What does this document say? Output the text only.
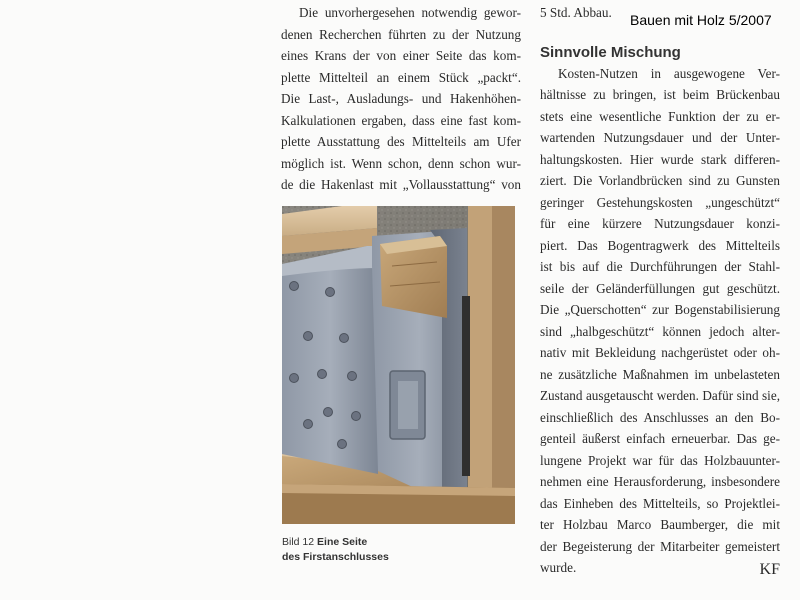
Bauen mit Holz 5/2007

Die unvorhergesehen notwendig gewor-
denen Recherchen führten zu der Nutzung
eines Krans der von einer Seite das kom-
plette Mittelteil an einem Stück „packt“.
Die Last-, Ausladungs- und Hakenhöhen-
Kalkulationen ergaben, dass eine fast kom-
plette Ausstattung des Mittelteils am Ufer
möglich ist. Wenn schon, denn schon wur-
de die Hakenlast mit „Vollausstattung“ von

Bild 12 Eine Seite
des Firstanschlusses
5 Std. Abbau.
Sinnvolle Mischung
Kosten-Nutzen in ausgewogene Ver-
hältnisse zu bringen, ist beim Brückenbau
stets eine wesentliche Funktion der zu er-
wartenden Nutzungsdauer und der Unter-
haltungskosten. Hier wurde stark differen-
ziert. Die Vorlandbrücken sind zu Gunsten
geringer Gestehungskosten „ungeschützt“
für eine kürzere Nutzungsdauer konzi-
piert. Das Bogentragwerk des Mittelteils
ist bis auf die Durchführungen der Stahl-
seile der Geländerfüllungen gut geschützt.
Die „Querschotten“ zur Bogenstabilisierung
sind „halbgeschützt“ können jedoch alter-
nativ mit Bekleidung nachgerüstet oder oh-
ne zusätzliche Maßnahmen im unbelasteten
Zustand ausgetauscht werden. Dafür sind sie,
einschließlich des Anschlusses an den Bo-
genteil äußerst einfach erneuerbar. Das ge-
lungene Projekt war für das Holzbauunter-
nehmen eine Herausforderung, insbesondere
das Einheben des Mittelteils, so Projektlei-
ter Holzbau Marco Baumberger, die mit
der Begeisterung der Mitarbeiter gemeistert
wurde.	KF
